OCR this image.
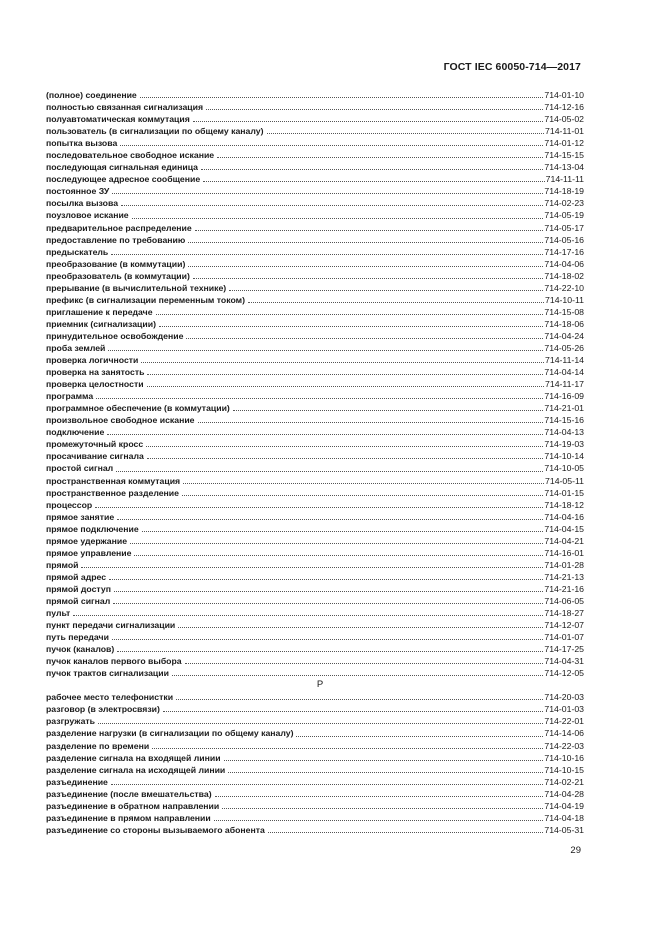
ГОСТ IEC 60050-714—2017
(полное) соединение	714-01-10
полностью связанная сигнализация	714-12-16
полуавтоматическая коммутация	714-05-02
пользователь (в сигнализации по общему каналу)	714-11-01
попытка вызова	714-01-12
последовательное свободное искание	714-15-15
последующая сигнальная единица	714-13-04
последующее адресное сообщение	714-11-11
постоянное ЗУ	714-18-19
посылка вызова	714-02-23
поузловое искание	714-05-19
предварительное распределение	714-05-17
предоставление по требованию	714-05-16
предыскатель	714-17-16
преобразование (в коммутации)	714-04-06
преобразователь (в коммутации)	714-18-02
прерывание (в вычислительной технике)	714-22-10
префикс (в сигнализации переменным током)	714-10-11
приглашение к передаче	714-15-08
приемник (сигнализации)	714-18-06
принудительное освобождение	714-04-24
проба землей	714-05-26
проверка логичности	714-11-14
проверка на занятость	714-04-14
проверка целостности	714-11-17
программа	714-16-09
программное обеспечение (в коммутации)	714-21-01
произвольное свободное искание	714-15-16
подключение	714-04-13
промежуточный кросс	714-19-03
просачивание сигнала	714-10-14
простой сигнал	714-10-05
пространственная коммутация	714-05-11
пространственное разделение	714-01-15
процессор	714-18-12
прямое занятие	714-04-16
прямое подключение	714-04-15
прямое удержание	714-04-21
прямое управление	714-16-01
прямой	714-01-28
прямой адрес	714-21-13
прямой доступ	714-21-16
прямой сигнал	714-06-05
пульт	714-18-27
пункт передачи сигнализации	714-12-07
путь передачи	714-01-07
пучок (каналов)	714-17-25
пучок каналов первого выбора	714-04-31
пучок трактов сигнализации	714-12-05
Р
рабочее место телефонистки	714-20-03
разговор (в электросвязи)	714-01-03
разгружать	714-22-01
разделение нагрузки (в сигнализации по общему каналу)	714-14-06
разделение по времени	714-22-03
разделение сигнала на входящей линии	714-10-16
разделение сигнала на исходящей линии	714-10-15
разъединение	714-02-21
разъединение (после вмешательства)	714-04-28
разъединение в обратном направлении	714-04-19
разъединение в прямом направлении	714-04-18
разъединение со стороны вызываемого абонента	714-05-31
29
